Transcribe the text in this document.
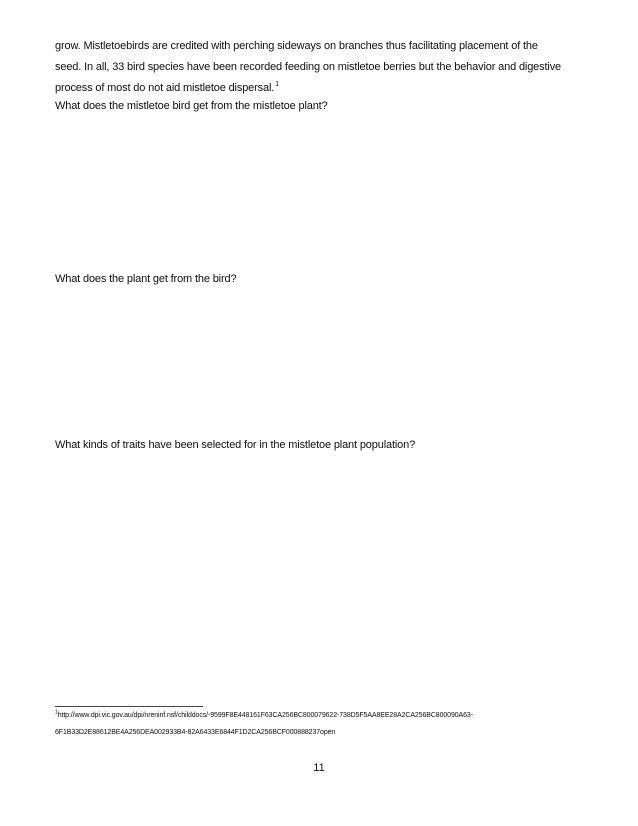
grow. Mistletoebirds are credited with perching sideways on branches thus facilitating placement of the
seed. In all, 33 bird species have been recorded feeding on mistletoe berries but the behavior and digestive
process of most do not aid mistletoe dispersal.$^1$
What does the mistletoe bird get from the mistletoe plant?
What does the plant get from the bird?
What kinds of traits have been selected for in the mistletoe plant population?
$^1$http://www.dpi.vic.gov.au/dpi/nreninf.nsf/childdocs/-9599F8E448161F63CA256BC800079622-738D5F5AA8EE28A2CA256BC800090A63-
6F1B33D2E88612BE4A256DEA002933B4-82A6433E6844F1D2CA256BCF000888237open
11
